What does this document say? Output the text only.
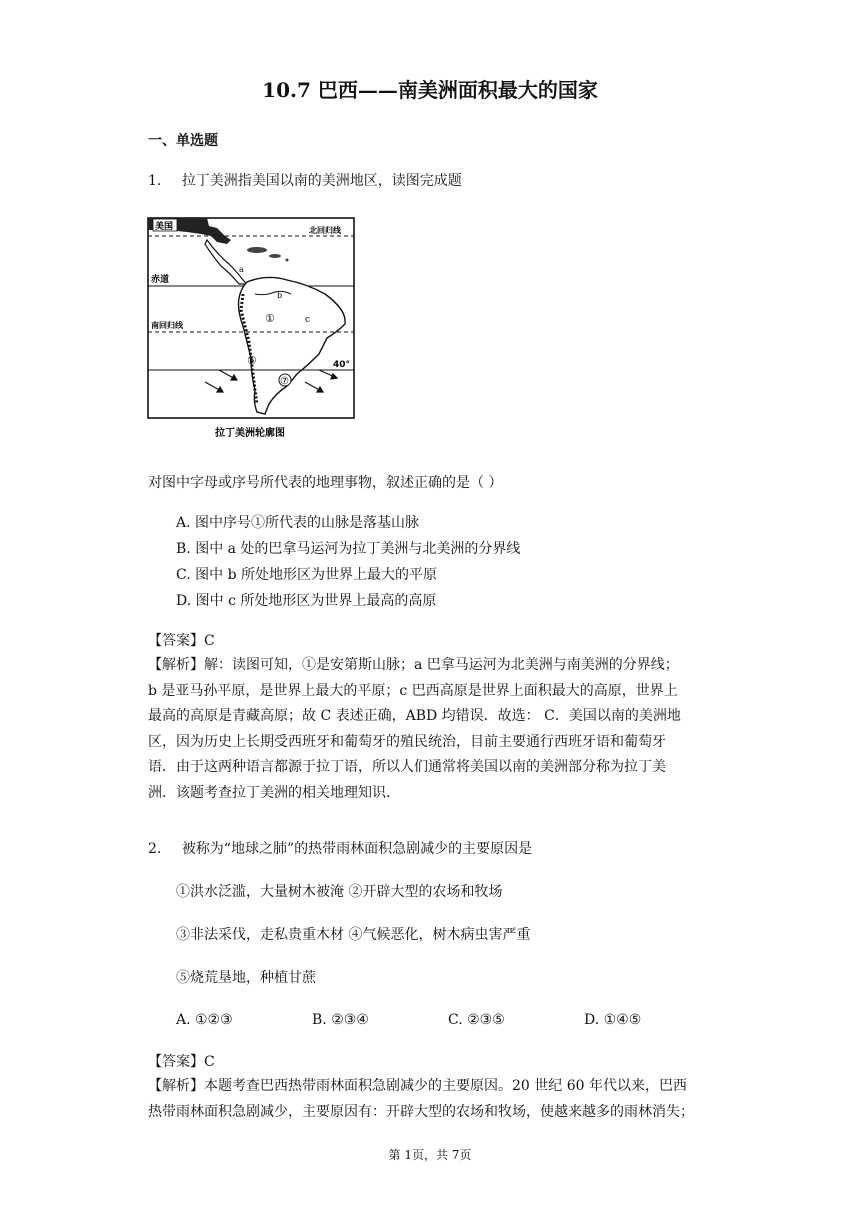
10.7 巴西——南美洲面积最大的国家
一、单选题
1. 拉丁美洲指美国以南的美洲地区，读图完成题
美国	北回归线
a
赤道
b
c
①
南回归线
⑥	40°
⑦
拉丁美洲轮廓图
对图中字母或序号所代表的地理事物，叙述正确的是（ ）
A. 图中序号①所代表的山脉是落基山脉
B. 图中 a 处的巴拿马运河为拉丁美洲与北美洲的分界线
C. 图中 b 所处地形区为世界上最大的平原
D. 图中 c 所处地形区为世界上最高的高原
【答案】C
【解析】解：读图可知，①是安第斯山脉；a 巴拿马运河为北美洲与南美洲的分界线；
b 是亚马孙平原，是世界上最大的平原；c 巴西高原是世界上面积最大的高原，世界上
最高的高原是青藏高原；故 C 表述正确，ABD 均错误．故选： C．美国以南的美洲地
区，因为历史上长期受西班牙和葡萄牙的殖民统治，目前主要通行西班牙语和葡萄牙
语．由于这两种语言都源于拉丁语，所以人们通常将美国以南的美洲部分称为拉丁美
洲．该题考查拉丁美洲的相关地理知识．
2. 被称为“地球之肺”的热带雨林面积急剧减少的主要原因是
①洪水泛滥，大量树木被淹 ②开辟大型的农场和牧场
③非法采伐，走私贵重木材 ④气候恶化，树木病虫害严重
⑤烧荒垦地，种植甘蔗
A. ①②③	B. ②③④	C. ②③⑤	D. ①④⑤
【答案】C
【解析】本题考查巴西热带雨林面积急剧减少的主要原因。20 世纪 60 年代以来，巴西
热带雨林面积急剧减少，主要原因有：开辟大型的农场和牧场，使越来越多的雨林消失；
第 1页，共 7页
